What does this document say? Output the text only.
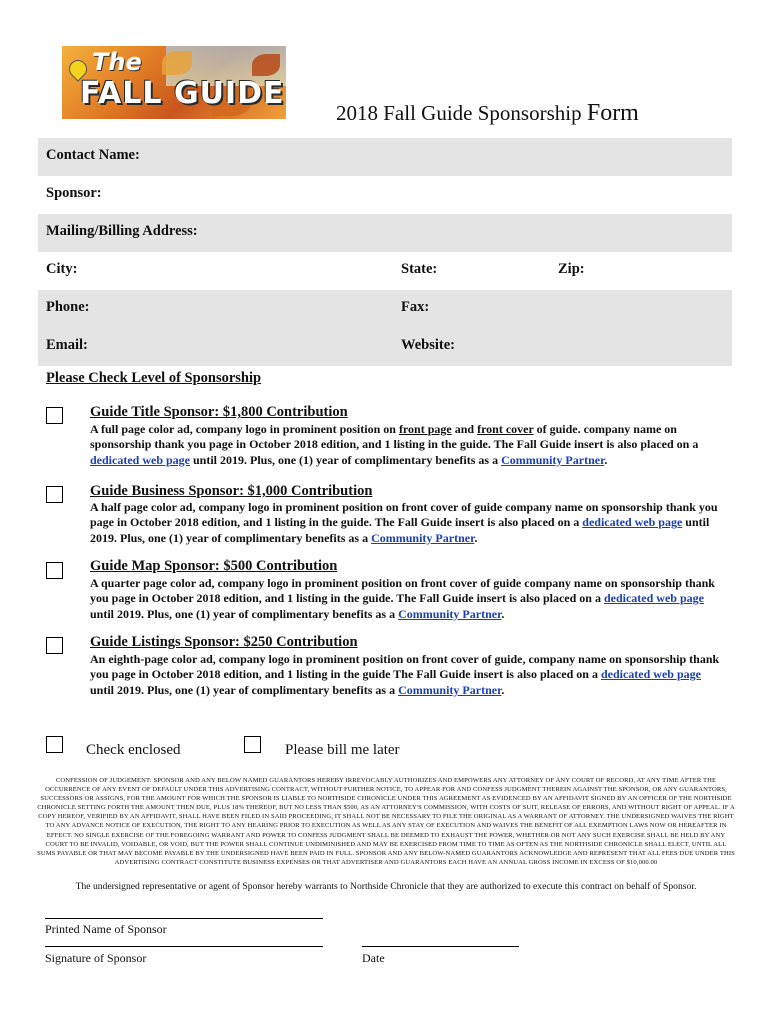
The
FALL GUIDE
2018 Fall Guide Sponsorship Form
Contact Name:
Sponsor:
Mailing/Billing Address:
City:	State:	Zip:
Phone:	Fax:
Email:	Website:
Please Check Level of Sponsorship
Guide Title Sponsor: $1,800 Contribution
A full page color ad, company logo in prominent position on front page and front cover of guide. company name on sponsorship thank you page in October 2018 edition, and 1 listing in the guide. The Fall Guide insert is also placed on a dedicated web page until 2019. Plus, one (1) year of complimentary benefits as a Community Partner.
Guide Business Sponsor: $1,000 Contribution
A half page color ad, company logo in prominent position on front cover of guide company name on sponsorship thank you page in October 2018 edition, and 1 listing in the guide. The Fall Guide insert is also placed on a dedicated web page until 2019. Plus, one (1) year of complimentary benefits as a Community Partner.
Guide Map Sponsor: $500 Contribution
A quarter page color ad, company logo in prominent position on front cover of guide company name on sponsorship thank you page in October 2018 edition, and 1 listing in the guide. The Fall Guide insert is also placed on a dedicated web page until 2019. Plus, one (1) year of complimentary benefits as a Community Partner.
Guide Listings Sponsor: $250 Contribution
An eighth-page color ad, company logo in prominent position on front cover of guide, company name on sponsorship thank you page in October 2018 edition, and 1 listing in the guide The Fall Guide insert is also placed on a dedicated web page until 2019. Plus, one (1) year of complimentary benefits as a Community Partner.
Check enclosed	Please bill me later
CONFESSION OF JUDGEMENT: SPONSOR AND ANY BELOW NAMED GUARANTORS HEREBY IRREVOCABLY AUTHORIZES AND EMPOWERS ANY ATTORNEY OF ANY COURT OF RECORD, AT ANY TIME AFTER THE OCCURRENCE OF ANY EVENT OF DEFAULT UNDER THIS ADVERTISING CONTRACT, WITHOUT FURTHER NOTICE, TO APPEAR FOR AND CONFESS JUDGMENT THEREIN AGAINST THE SPONSOR, OR ANY GUARANTORS, SUCCESSORS OR ASSIGNS, FOR THE AMOUNT FOR WHICH THE SPONSOR IS LIABLE TO NORTHSIDE CHRONICLE UNDER THIS AGREEMENT AS EVIDENCED BY AN AFFIDAVIT SIGNED BY AN OFFICER OF THE NORTHSIDE CHRONICLE SETTING FORTH THE AMOUNT THEN DUE, PLUS 18% THEREOF, BUT NO LESS THAN $500, AS AN ATTORNEY'S COMMISSION, WITH COSTS OF SUIT, RELEASE OF ERRORS, AND WITHOUT RIGHT OF APPEAL. IF A COPY HEREOF, VERIFIED BY AN AFFIDAVIT, SHALL HAVE BEEN FILED IN SAID PROCEEDING, IT SHALL NOT BE NECESSARY TO FILE THE ORIGINAL AS A WARRANT OF ATTORNEY. THE UNDERSIGNED WAIVES THE RIGHT TO ANY ADVANCE NOTICE OF EXECUTION, THE RIGHT TO ANY HEARING PRIOR TO EXECUTION AS WELL AS ANY STAY OF EXECUTION AND WAIVES THE BENEFIT OF ALL EXEMPTION LAWS NOW OR HEREAFTER IN EFFECT. NO SINGLE EXERCISE OF THE FOREGOING WARRANT AND POWER TO CONFESS JUDGMENT SHALL BE DEEMED TO EXHAUST THE POWER, WHETHER OR NOT ANY SUCH EXERCISE SHALL BE HELD BY ANY COURT TO BE INVALID, VOIDABLE, OR VOID, BUT THE POWER SHALL CONTINUE UNDIMINISHED AND MAY BE EXERCISED FROM TIME TO TIME AS OFTEN AS THE NORTHSIDE CHRONICLE SHALL ELECT, UNTIL ALL SUMS PAYABLE OR THAT MAY BECOME PAYABLE BY THE UNDERSIGNED HAVE BEEN PAID IN FULL. SPONSOR AND ANY BELOW-NAMED GUARANTORS ACKNOWLEDGE AND REPRESENT THAT ALL FEES DUE UNDER THIS ADVERTISING CONTRACT CONSTITUTE BUSINESS EXPENSES OR THAT ADVERTISER AND GUARANTORS EACH HAVE AN ANNUAL GROSS INCOME IN EXCESS OF $10,000.00
The undersigned representative or agent of Sponsor hereby warrants to Northside Chronicle that they are authorized to execute this contract on behalf of Sponsor.
Printed Name of Sponsor
Signature of Sponsor	Date
